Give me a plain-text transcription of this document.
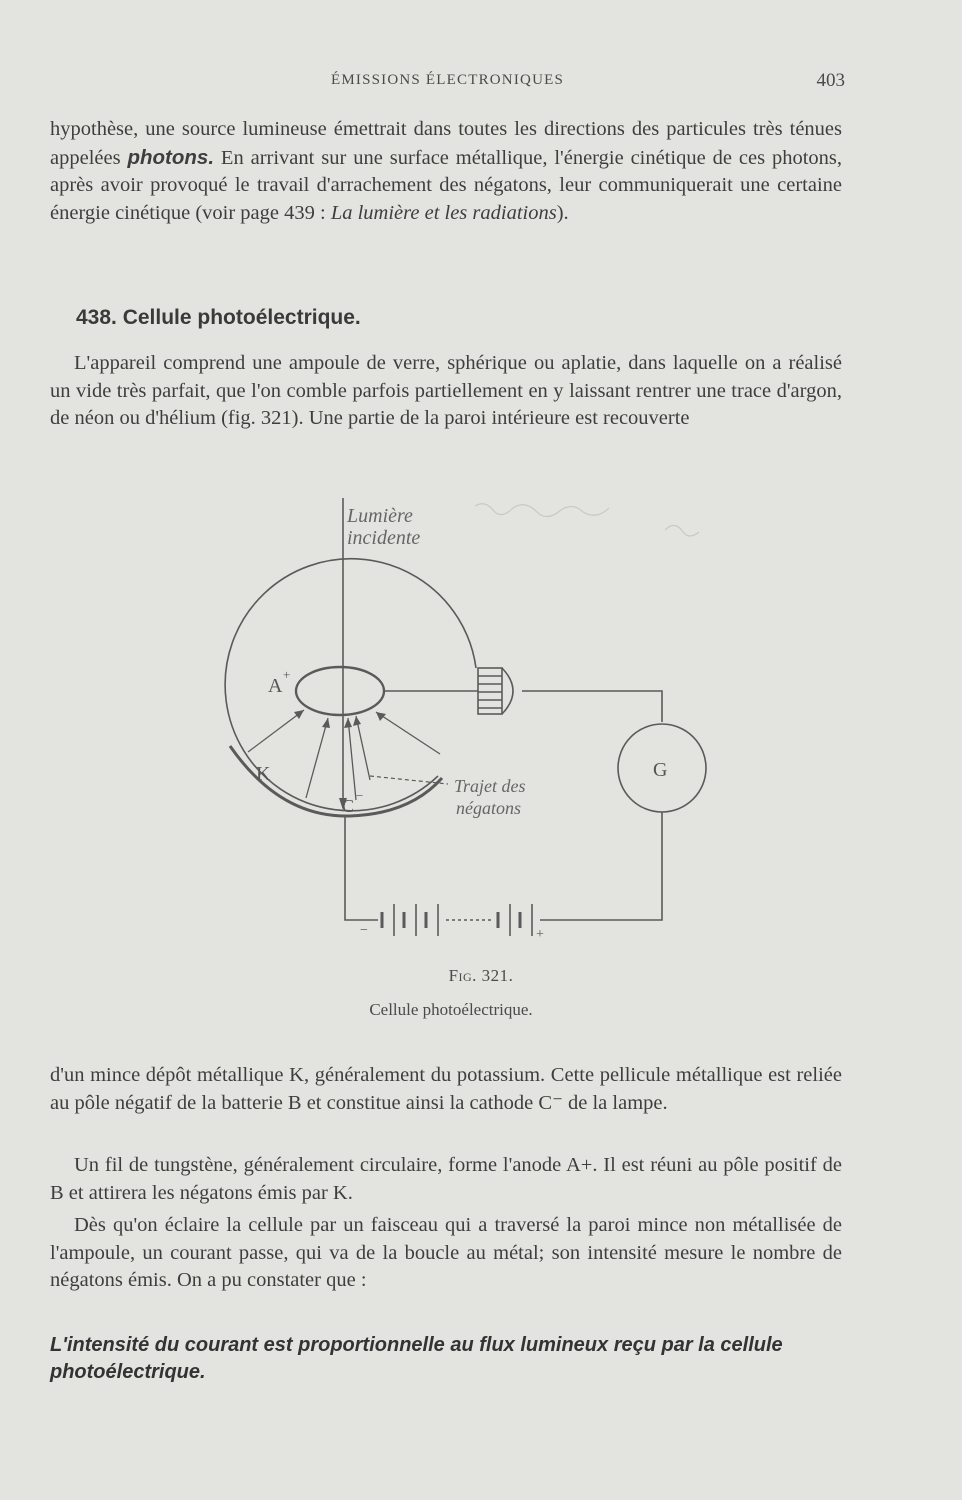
ÉMISSIONS ÉLECTRONIQUES	403

hypothèse, une source lumineuse émettrait dans toutes les directions des particules très ténues appelées photons. En arrivant sur une surface métallique, l'énergie cinétique de ces photons, après avoir provoqué le travail d'arrachement des négatons, leur communiquerait une certaine énergie cinétique (voir page 439 : La lumière et les radiations).

438. Cellule photoélectrique.

L'appareil comprend une ampoule de verre, sphérique ou aplatie, dans laquelle on a réalisé un vide très parfait, que l'on comble parfois partiellement en y laissant rentrer une trace d'argon, de néon ou d'hélium (fig. 321). Une partie de la paroi intérieure est recouverte

Lumière
incidente
A
+
K
C
−	Trajet des
négatons
G
−	+
Fig. 321.
Cellule photoélectrique.

d'un mince dépôt métallique K, généralement du potassium. Cette pellicule métallique est reliée au pôle négatif de la batterie B et constitue ainsi la cathode C⁻ de la lampe.

Un fil de tungstène, généralement circulaire, forme l'anode A+. Il est réuni au pôle positif de B et attirera les négatons émis par K.

Dès qu'on éclaire la cellule par un faisceau qui a traversé la paroi mince non métallisée de l'ampoule, un courant passe, qui va de la boucle au métal; son intensité mesure le nombre de négatons émis. On a pu constater que :

L'intensité du courant est proportionnelle au flux lumineux reçu par la cellule photoélectrique.
